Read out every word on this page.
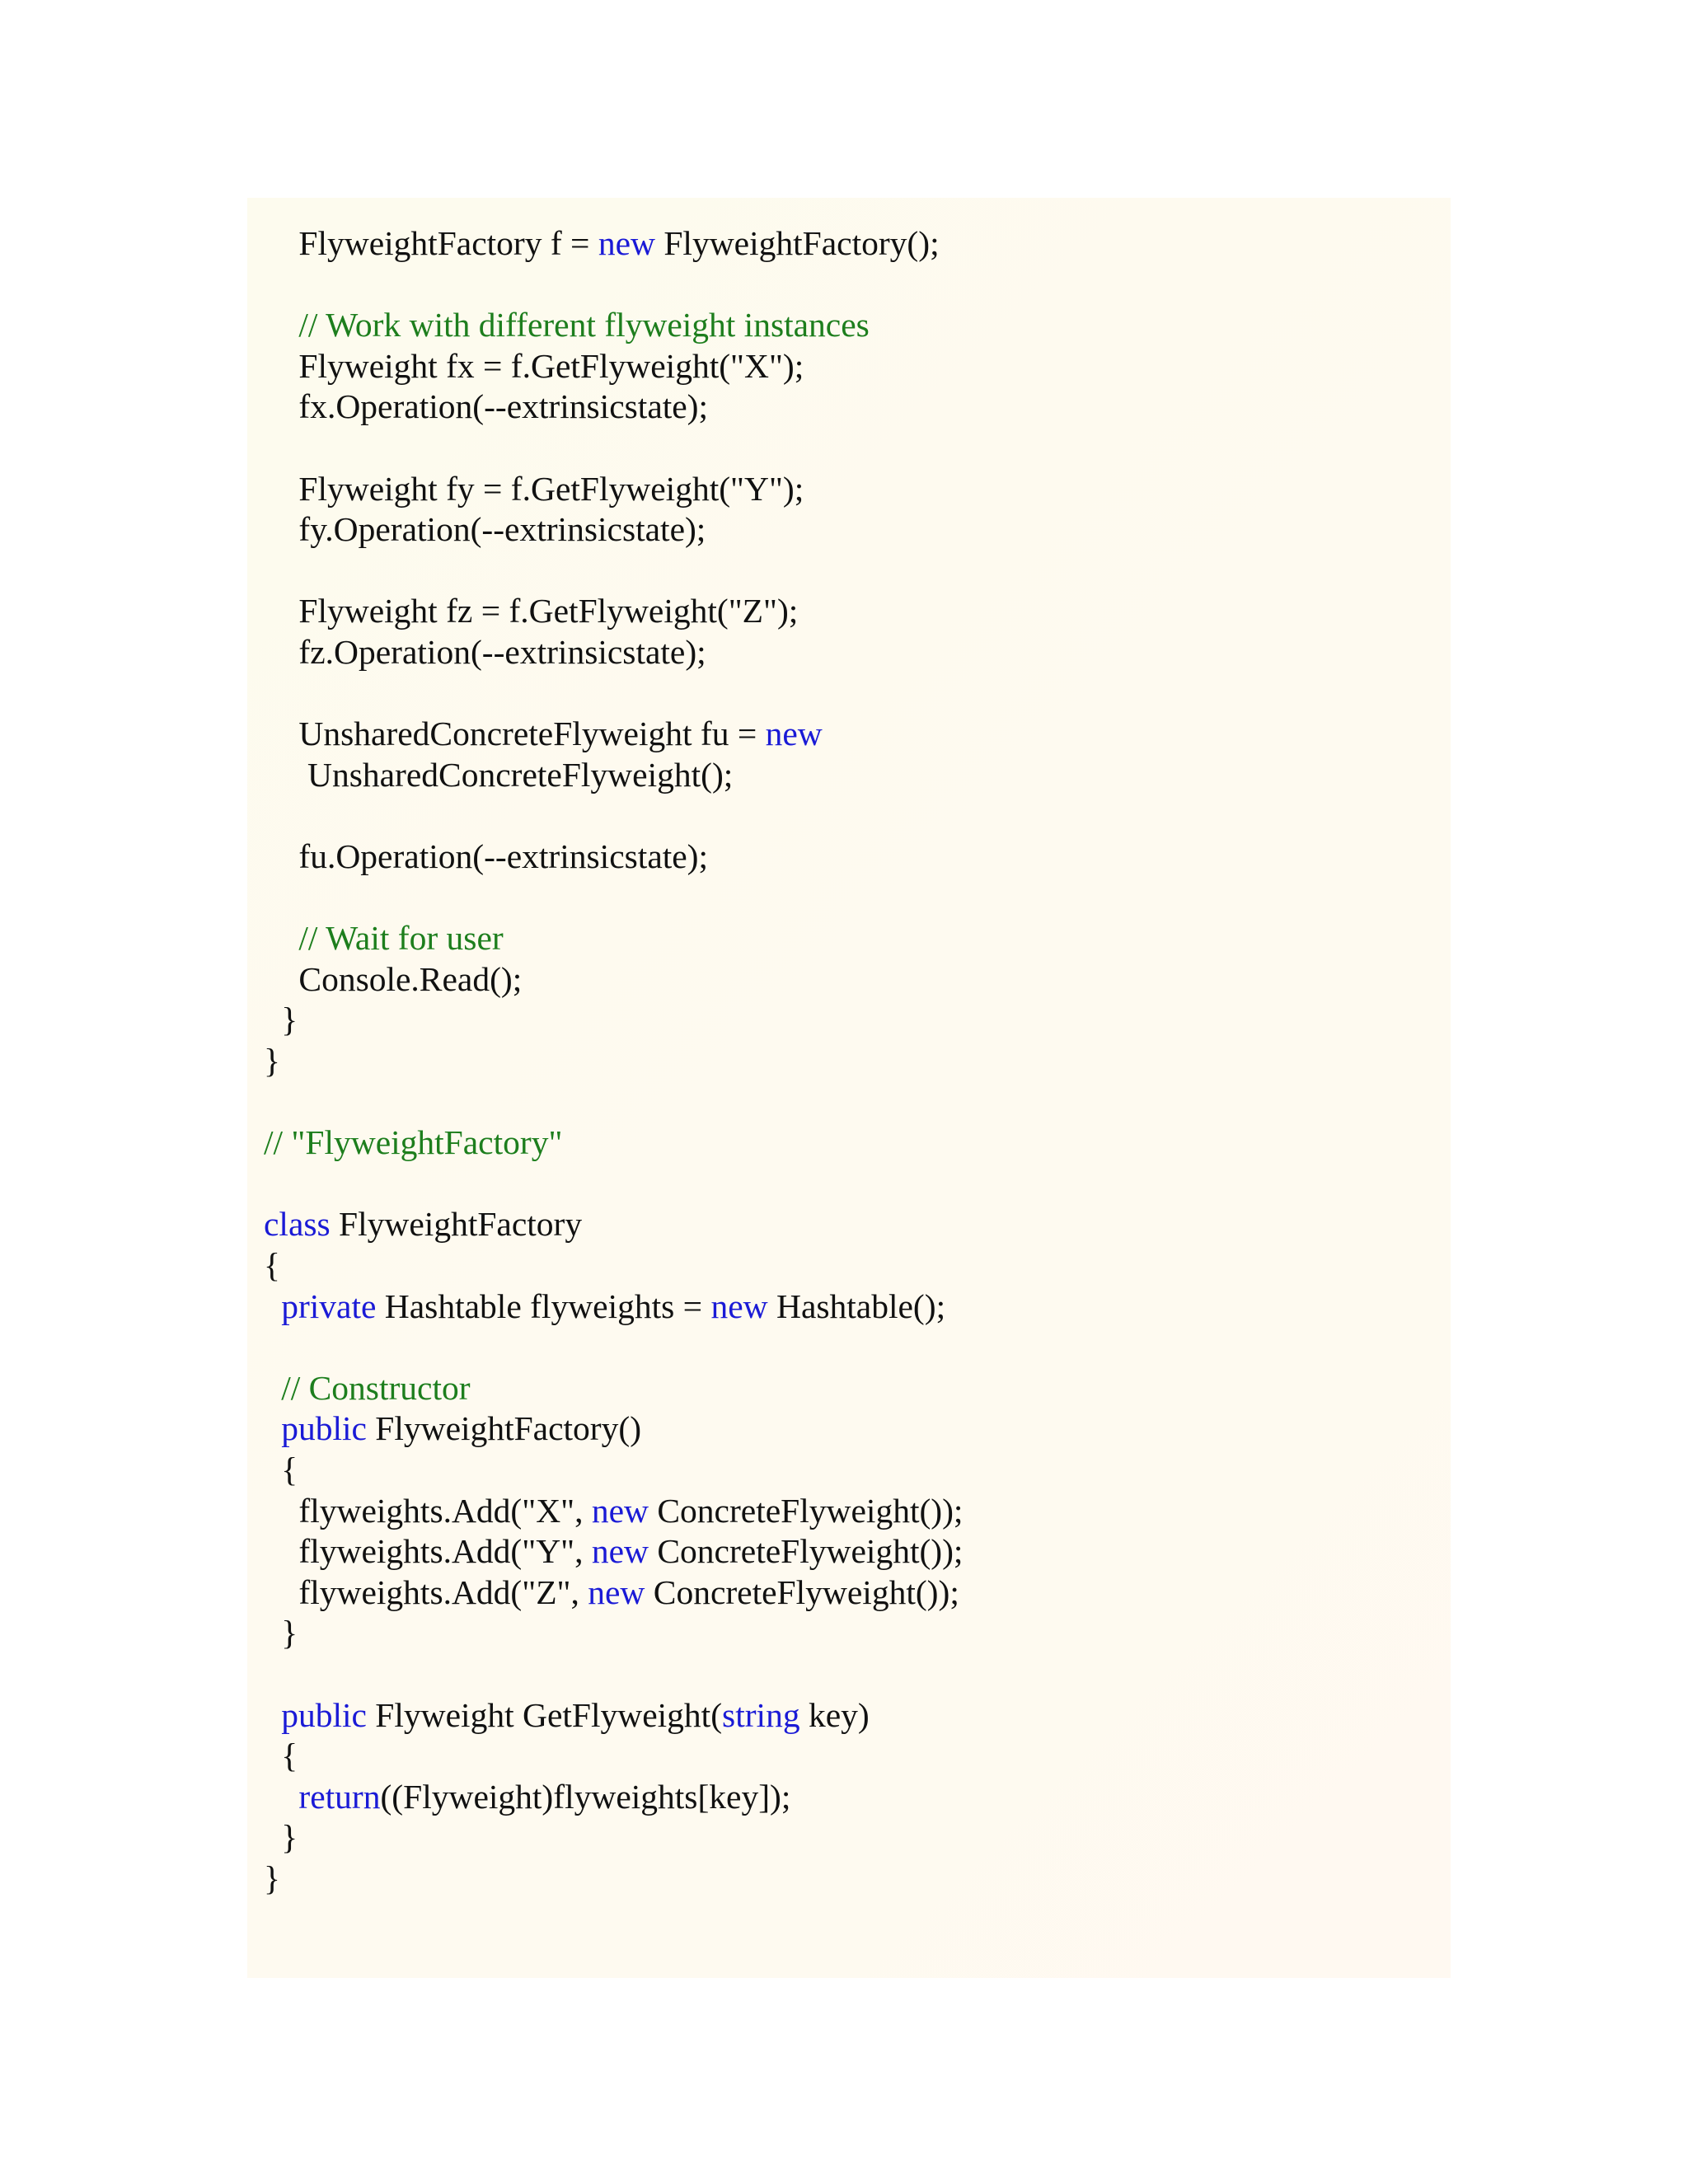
FlyweightFactory f = new FlyweightFactory();
// Work with different flyweight instances
Flyweight fx = f.GetFlyweight("X");
fx.Operation(--extrinsicstate);
Flyweight fy = f.GetFlyweight("Y");
fy.Operation(--extrinsicstate);
Flyweight fz = f.GetFlyweight("Z");
fz.Operation(--extrinsicstate);
UnsharedConcreteFlyweight fu = new
UnsharedConcreteFlyweight();
fu.Operation(--extrinsicstate);
// Wait for user
Console.Read();
}
}
// "FlyweightFactory"
class FlyweightFactory
{
private Hashtable flyweights = new Hashtable();
// Constructor
public FlyweightFactory()
{
flyweights.Add("X", new ConcreteFlyweight());
flyweights.Add("Y", new ConcreteFlyweight());
flyweights.Add("Z", new ConcreteFlyweight());
}
public Flyweight GetFlyweight(string key)
{
return((Flyweight)flyweights[key]);
}
}
